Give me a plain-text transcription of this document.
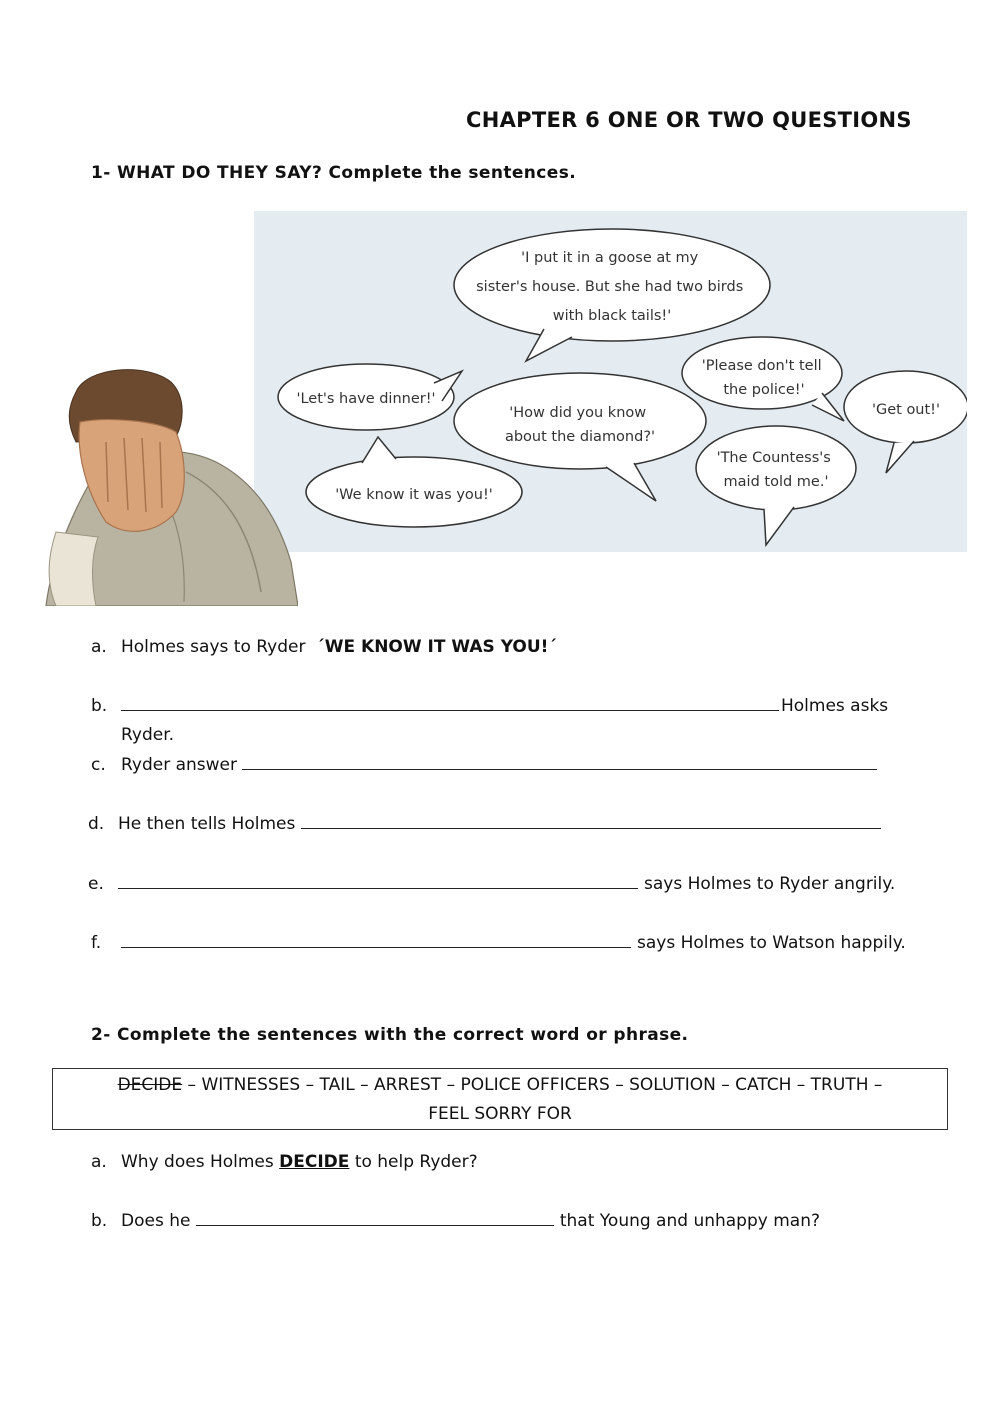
CHAPTER 6 ONE OR TWO QUESTIONS
1- WHAT DO THEY SAY? Complete the sentences.
'I put it in a goose at my sister's house. But she had two birds with black tails!'
'Please don't tell the police!'
'Let's have dinner!'
'How did you know about the diamond?'
'Get out!'
'The Countess's maid told me.'
'We know it was you!'
a. Holmes says to Ryder ´WE KNOW IT WAS YOU!´
b.	Holmes asks
Ryder.
c. Ryder answer
d. He then tells Holmes
e.	says Holmes to Ryder angrily.
f.	says Holmes to Watson happily.
2- Complete the sentences with the correct word or phrase.
DECIDE – WITNESSES – TAIL – ARREST – POLICE OFFICERS – SOLUTION – CATCH – TRUTH –
FEEL SORRY FOR
a. Why does Holmes DECIDE to help Ryder?
b. Does he	that Young and unhappy man?
